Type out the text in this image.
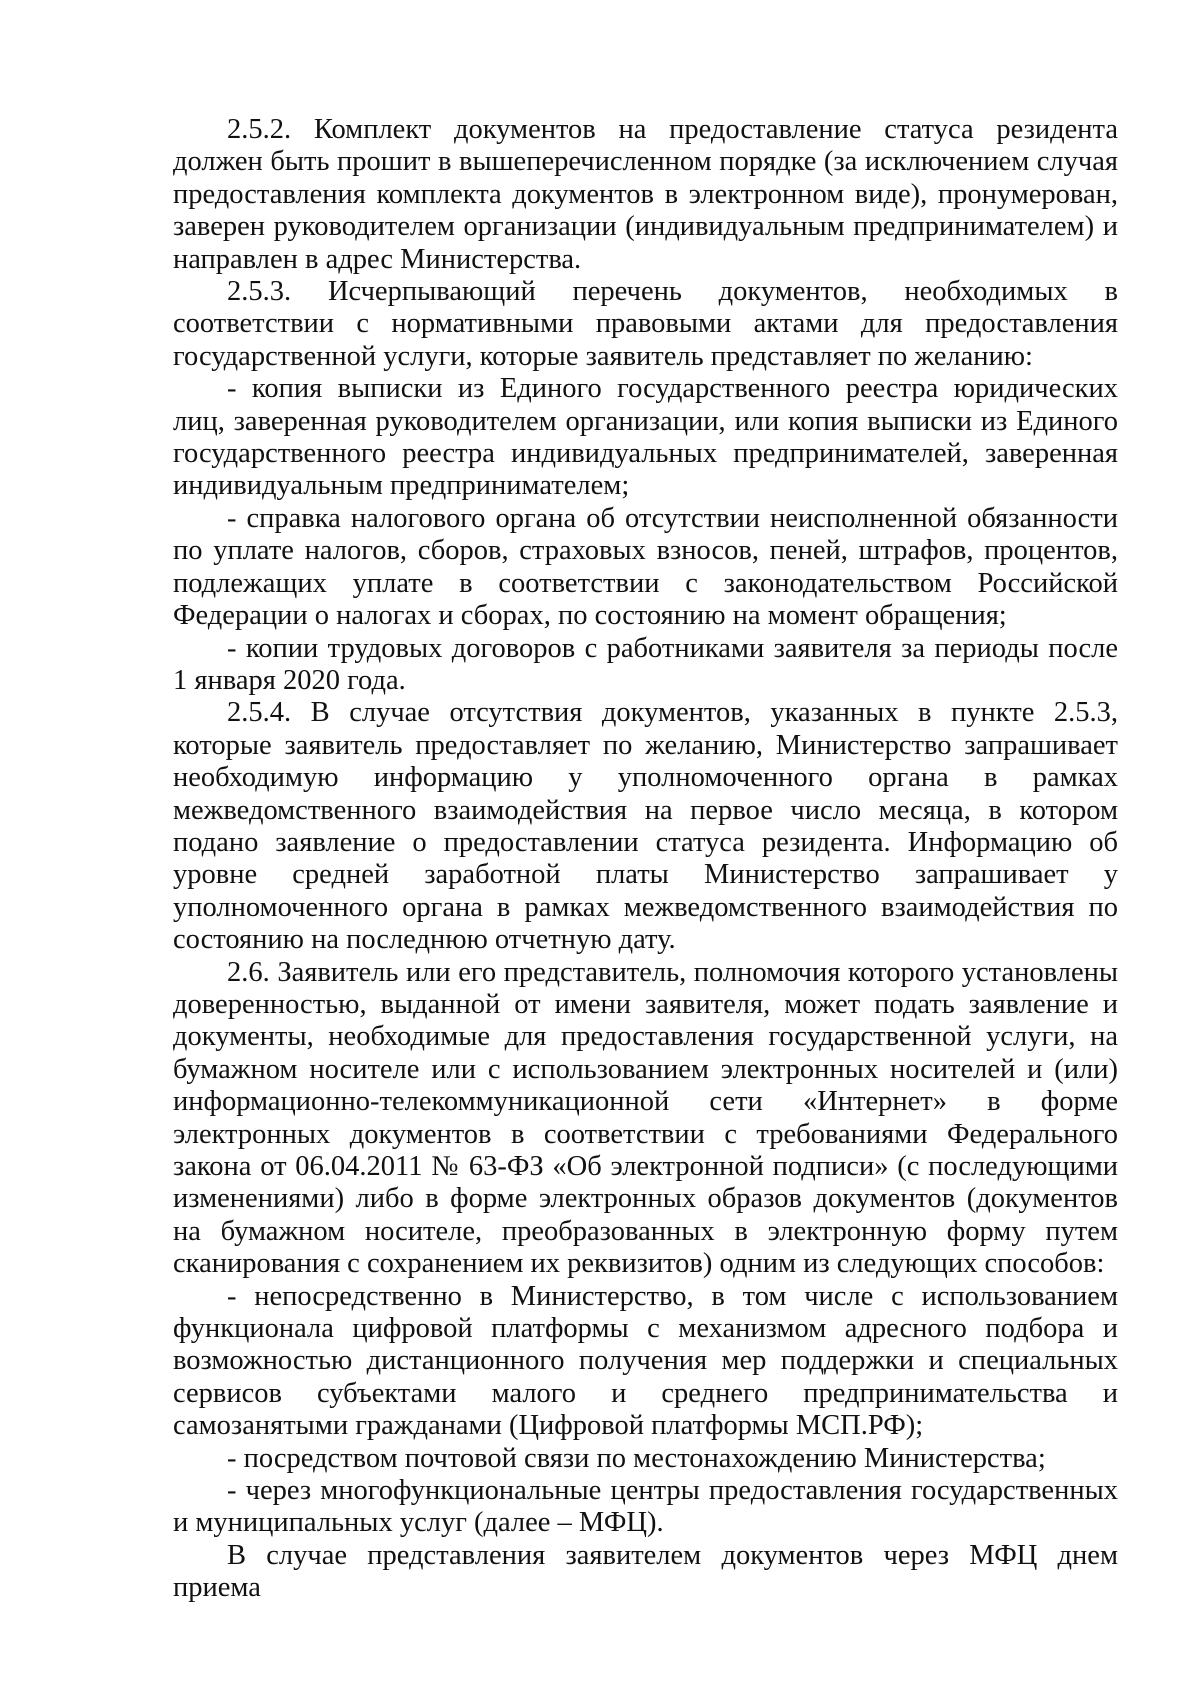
2.5.2. Комплект документов на предоставление статуса резидента должен быть прошит в вышеперечисленном порядке (за исключением случая предоставления комплекта документов в электронном виде), пронумерован, заверен руководителем организации (индивидуальным предпринимателем) и направлен в адрес Министерства.

2.5.3. Исчерпывающий перечень документов, необходимых в соответствии с нормативными правовыми актами для предоставления государственной услуги, которые заявитель представляет по желанию:

- копия выписки из Единого государственного реестра юридических лиц, заверенная руководителем организации, или копия выписки из Единого государственного реестра индивидуальных предпринимателей, заверенная индивидуальным предпринимателем;

- справка налогового органа об отсутствии неисполненной обязанности по уплате налогов, сборов, страховых взносов, пеней, штрафов, процентов, подлежащих уплате в соответствии с законодательством Российской Федерации о налогах и сборах, по состоянию на момент обращения;

- копии трудовых договоров с работниками заявителя за периоды после 1 января 2020 года.

2.5.4. В случае отсутствия документов, указанных в пункте 2.5.3, которые заявитель предоставляет по желанию, Министерство запрашивает необходимую информацию у уполномоченного органа в рамках межведомственного взаимодействия на первое число месяца, в котором подано заявление о предоставлении статуса резидента. Информацию об уровне средней заработной платы Министерство запрашивает у уполномоченного органа в рамках межведомственного взаимодействия по состоянию на последнюю отчетную дату.

2.6. Заявитель или его представитель, полномочия которого установлены доверенностью, выданной от имени заявителя, может подать заявление и документы, необходимые для предоставления государственной услуги, на бумажном носителе или с использованием электронных носителей и (или) информационно-телекоммуникационной сети «Интернет» в форме электронных документов в соответствии с требованиями Федерального закона от 06.04.2011 № 63-ФЗ «Об электронной подписи» (с последующими изменениями) либо в форме электронных образов документов (документов на бумажном носителе, преобразованных в электронную форму путем сканирования с сохранением их реквизитов) одним из следующих способов:

- непосредственно в Министерство, в том числе с использованием функционала цифровой платформы с механизмом адресного подбора и возможностью дистанционного получения мер поддержки и специальных сервисов субъектами малого и среднего предпринимательства и самозанятыми гражданами (Цифровой платформы МСП.РФ);

- посредством почтовой связи по местонахождению Министерства;

- через многофункциональные центры предоставления государственных и муниципальных услуг (далее – МФЦ).

В случае представления заявителем документов через МФЦ днем приема
